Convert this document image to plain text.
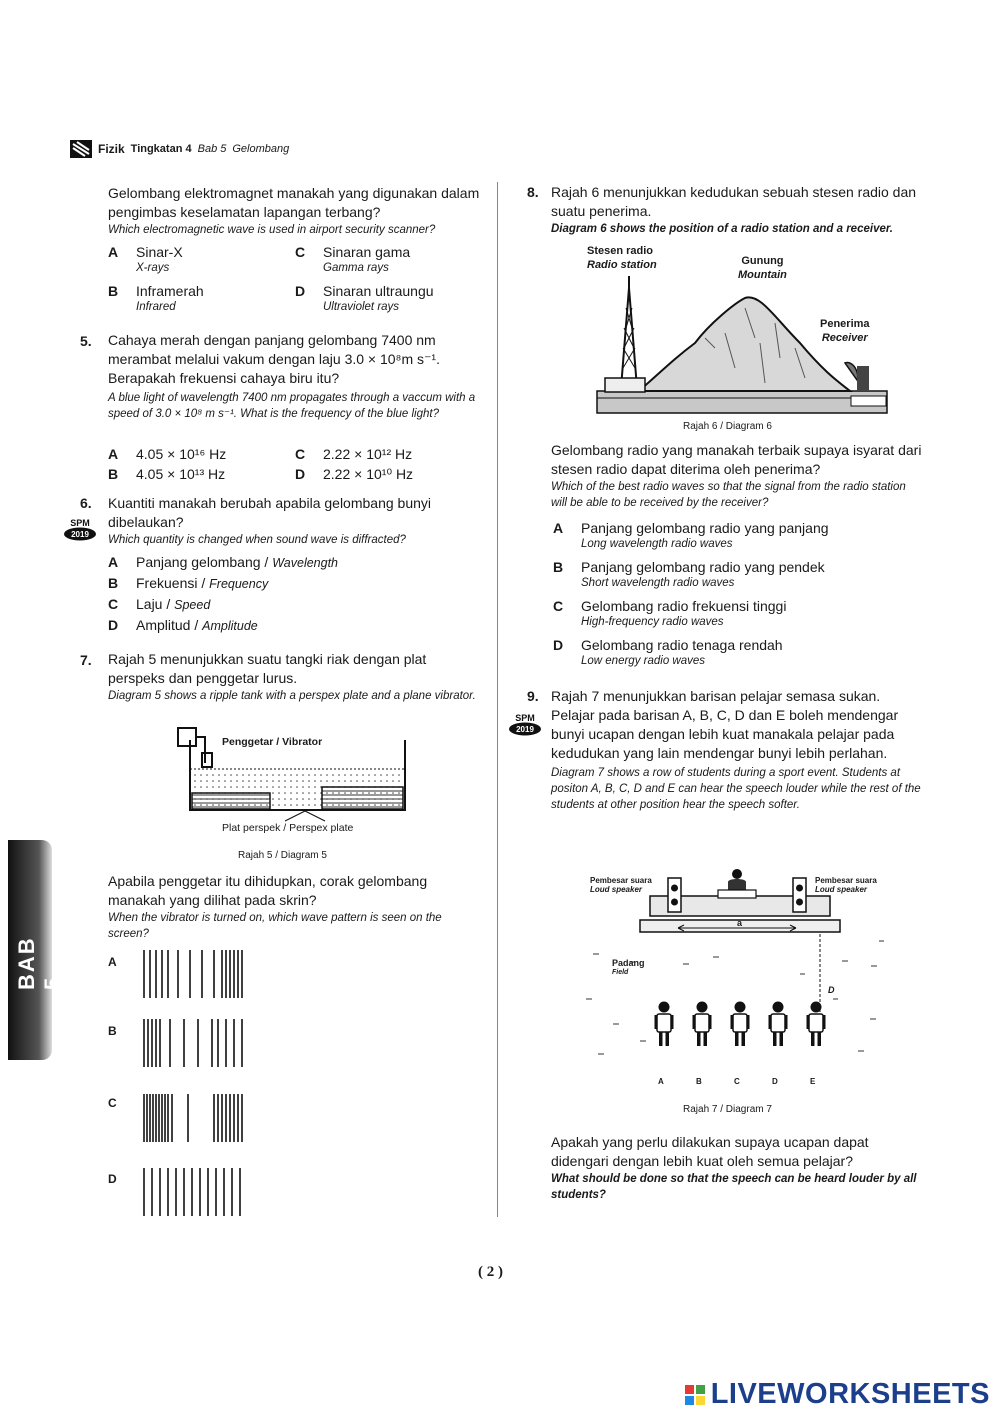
Fizik Tingkatan 4 Bab 5 Gelombang
Gelombang elektromagnet manakah yang digunakan dalam pengimbas keselamatan lapangan terbang?
Which electromagnetic wave is used in airport security scanner?
A Sinar-X
X-rays
C Sinaran gama
Gamma rays
B Inframerah
Infrared
D Sinaran ultraungu
Ultraviolet rays
5. Cahaya merah dengan panjang gelombang 7400 nm merambat melalui vakum dengan laju 3.0 × 10⁸m s⁻¹. Berapakah frekuensi cahaya biru itu?
A blue light of wavelength 7400 nm propagates through a vaccum with a speed of 3.0 × 10⁸ m s⁻¹. What is the frequency of the blue light?
A 4.05 × 10¹⁶ Hz	C 2.22 × 10¹² Hz
B 4.05 × 10¹³ Hz	D 2.22 × 10¹⁰ Hz
6.
SPM
2019
Kuantiti manakah berubah apabila gelombang bunyi dibelaukan?
Which quantity is changed when sound wave is diffracted?
A Panjang gelombang / Wavelength
B Frekuensi / Frequency
C Laju / Speed
D Amplitud / Amplitude
7. Rajah 5 menunjukkan suatu tangki riak dengan plat perspeks dan penggetar lurus.
Diagram 5 shows a ripple tank with a perspex plate and a plane vibrator.
Penggetar / Vibrator
Plat perspek / Perspex plate
Rajah 5 / Diagram 5
Apabila penggetar itu dihidupkan, corak gelombang manakah yang dilihat pada skrin?
When the vibrator is turned on, which wave pattern is seen on the screen?
A
B
C
D
8. Rajah 6 menunjukkan kedudukan sebuah stesen radio dan suatu penerima.
Diagram 6 shows the position of a radio station and a receiver.
Stesen radio
Radio station	Gunung
Mountain
Penerima
Receiver
Rajah 6 / Diagram 6
Gelombang radio yang manakah terbaik supaya isyarat dari stesen radio dapat diterima oleh penerima?
Which of the best radio waves so that the signal from the radio station will be able to be received by the receiver?
A Panjang gelombang radio yang panjang
Long wavelength radio waves
B Panjang gelombang radio yang pendek
Short wavelength radio waves
C Gelombang radio frekuensi tinggi
High-frequency radio waves
D Gelombang radio tenaga rendah
Low energy radio waves
9.
SPM
2019
Rajah 7 menunjukkan barisan pelajar semasa sukan. Pelajar pada barisan A, B, C, D dan E boleh mendengar bunyi ucapan dengan lebih kuat manakala pelajar pada kedudukan yang lain mendengar bunyi lebih perlahan.
Diagram 7 shows a row of students during a sport event. Students at positon A, B, C, D and E can hear the speech louder while the rest of the students at other position hear the speech softer.
Pembesar suara
Loud speaker
Pembesar suara
Loud speaker
a
Padang
Field
D
A	B	C	D	E
Rajah 7 / Diagram 7
Apakah yang perlu dilakukan supaya ucapan dapat didengari dengan lebih kuat oleh semua pelajar?
What should be done so that the speech can be heard louder by all students?
BAB 5
( 2 )
LIVEWORKSHEETS
